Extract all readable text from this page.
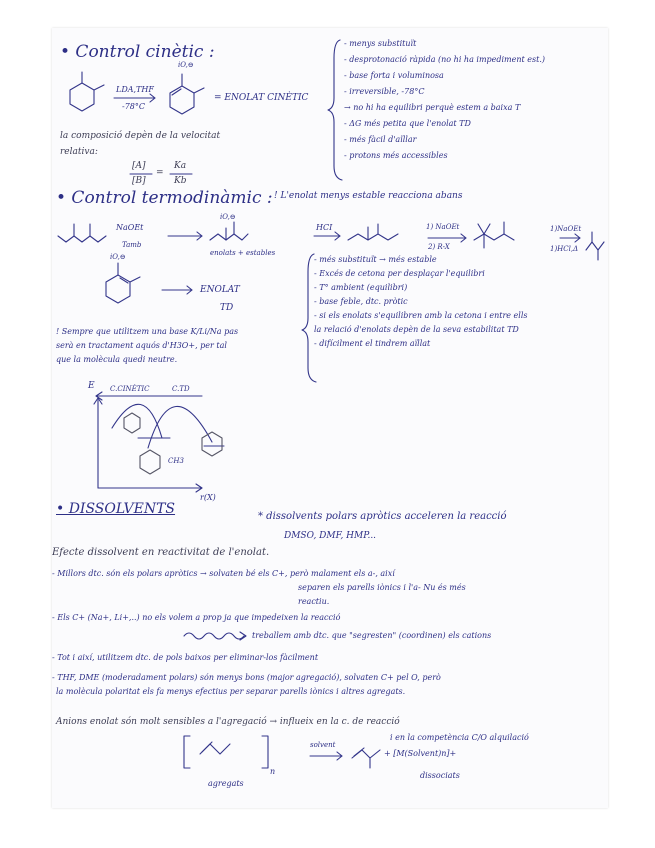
• Control cinètic :
LDA,THF
-78°C
iO,⊖
= ENOLAT CINÈTIC
la composició depèn de la velocitat
relativa:
[A]
[B]
=
Ka
Kb
- menys substituït
- desprotonació ràpida (no hi ha impediment est.)
- base forta i voluminosa
- irreversible, -78°C
→ no hi ha equilibri perquè estem a baixa T
- ΔG més petita que l'enolat TD
- més fàcil d'aïllar
- protons més accessibles
• Control termodinàmic : ! L'enolat menys estable reacciona abans
NaOEt
Tamb
iO,⊖
enolats + estables
HCI	1) NaOEt
2) R-X
1)NaOEt
1)HCl,Δ
iO,⊖
ENOLAT
TD
- més substituït → més estable
- Excés de cetona per desplaçar l'equilibri
- T° ambient (equilibri)
- base feble, dtc. pròtic
- si els enolats s'equilibren amb la cetona i entre ells
la relació d'enolats depèn de la seva estabilitat TD
- difícilment el tindrem aïllat
! Sempre que utilitzem una base K/Li/Na pas
serà en tractament aquós d'H3O+, per tal
que la molècula quedi neutre.
E C.CINÈTIC	C.TD
CH3
r(X)
• DISSOLVENTS	* dissolvents polars apròtics acceleren la reacció
DMSO, DMF, HMP...
Efecte dissolvent en reactivitat de l'enolat.
- Millors dtc. són els polars apròtics → solvaten bé els C+, però malament els a-, així
separen els parells iònics i l'a- Nu és més
reactiu.
- Els C+ (Na+, Li+,..) no els volem a prop ja que impedeixen la reacció
treballem amb dtc. que "segresten" (coordinen) els cations
- Tot i així, utilitzem dtc. de pols baixos per eliminar-los fàcilment
- THF, DME (moderadament polars) són menys bons (major agregació), solvaten C+ pel O, però
la molècula polaritat els fa menys efectius per separar parells iònics i altres agregats.
Anions enolat són molt sensibles a l'agregació → influeix en la c. de reacció
i en la competència C/O alquilació
n
agregats
solvent
+ [M(Solvent)n]+
dissociats
